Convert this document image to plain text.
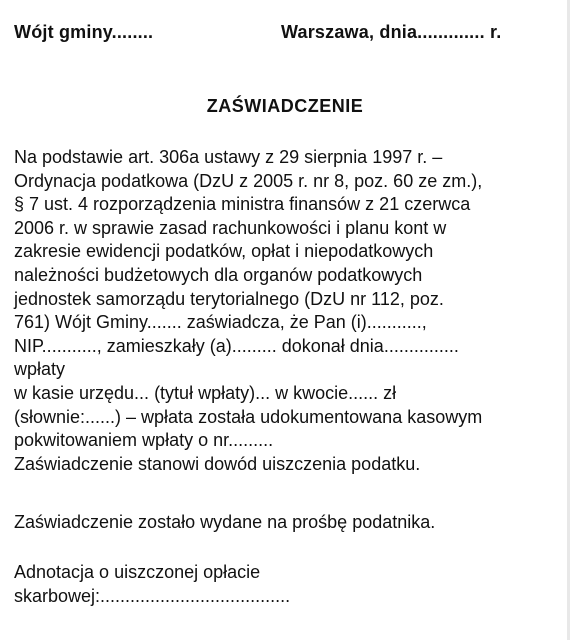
Wójt gminy........	Warszawa, dnia............. r.
ZAŚWIADCZENIE
Na podstawie art. 306a ustawy z 29 sierpnia 1997 r. –
Ordynacja podatkowa (DzU z 2005 r. nr 8, poz. 60 ze zm.),
§ 7 ust. 4 rozporządzenia ministra finansów z 21 czerwca
2006 r. w sprawie zasad rachunkowości i planu kont w
zakresie ewidencji podatków, opłat i niepodatkowych
należności budżetowych dla organów podatkowych
jednostek samorządu terytorialnego (DzU nr 112, poz.
761) Wójt Gminy....... zaświadcza, że Pan (i)...........,
NIP..........., zamieszkały (a)......... dokonał dnia...............
wpłaty
w kasie urzędu... (tytuł wpłaty)... w kwocie...... zł
(słownie:......) – wpłata została udokumentowana kasowym
pokwitowaniem wpłaty o nr.........
Zaświadczenie stanowi dowód uiszczenia podatku.
Zaświadczenie zostało wydane na prośbę podatnika.
Adnotacja o uiszczonej opłacie
skarbowej:......................................
